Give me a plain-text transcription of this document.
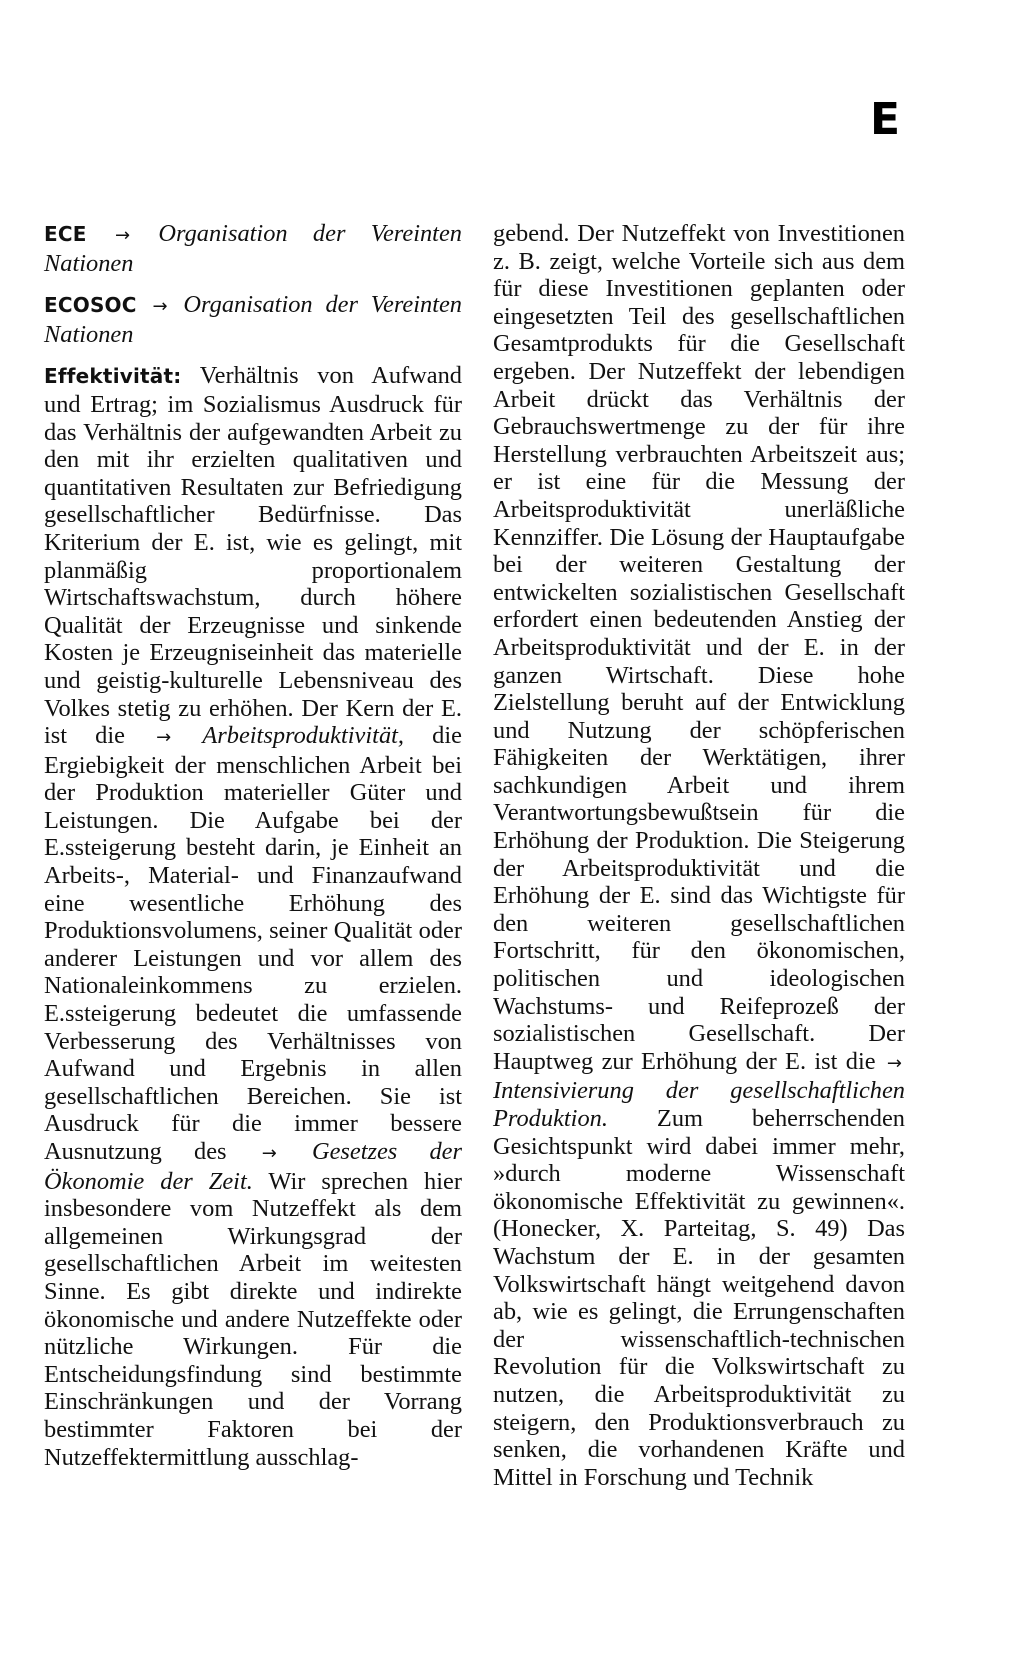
E
ECE → Organisation der Vereinten Nationen
ECOSOC → Organisation der Vereinten Nationen
Effektivität: Verhältnis von Aufwand und Ertrag; im Sozialismus Ausdruck für das Verhältnis der aufgewandten Arbeit zu den mit ihr erzielten qualitativen und quantitativen Resultaten zur Befriedigung gesellschaftlicher Bedürfnisse. Das Kriterium der E. ist, wie es gelingt, mit planmäßig proportionalem Wirtschaftswachstum, durch höhere Qualität der Erzeugnisse und sinkende Kosten je Erzeugniseinheit das materielle und geistig-kulturelle Lebensniveau des Volkes stetig zu erhöhen. Der Kern der E. ist die → Arbeitsproduktivität, die Ergiebigkeit der menschlichen Arbeit bei der Produktion materieller Güter und Leistungen. Die Aufgabe bei der E.ssteigerung besteht darin, je Einheit an Arbeits-, Material- und Finanzaufwand eine wesentliche Erhöhung des Produktionsvolumens, seiner Qualität oder anderer Leistungen und vor allem des Nationaleinkommens zu erzielen. E.ssteigerung bedeutet die umfassende Verbesserung des Verhältnisses von Aufwand und Ergebnis in allen gesellschaftlichen Bereichen. Sie ist Ausdruck für die immer bessere Ausnutzung des → Gesetzes der Ökonomie der Zeit. Wir sprechen hier insbesondere vom Nutzeffekt als dem allgemeinen Wirkungsgrad der gesellschaftlichen Arbeit im weitesten Sinne. Es gibt direkte und indirekte ökonomische und andere Nutzeffekte oder nützliche Wirkungen. Für die Entscheidungsfindung sind bestimmte Einschränkungen und der Vorrang bestimmter Faktoren bei der Nutzeffektermittlung ausschlag-
gebend. Der Nutzeffekt von Investitionen z. B. zeigt, welche Vorteile sich aus dem für diese Investitionen geplanten oder eingesetzten Teil des gesellschaftlichen Gesamtprodukts für die Gesellschaft ergeben. Der Nutzeffekt der lebendigen Arbeit drückt das Verhältnis der Gebrauchswertmenge zu der für ihre Herstellung verbrauchten Arbeitszeit aus; er ist eine für die Messung der Arbeitsproduktivität unerläßliche Kennziffer. Die Lösung der Hauptaufgabe bei der weiteren Gestaltung der entwickelten sozialistischen Gesellschaft erfordert einen bedeutenden Anstieg der Arbeitsproduktivität und der E. in der ganzen Wirtschaft. Diese hohe Zielstellung beruht auf der Entwicklung und Nutzung der schöpferischen Fähigkeiten der Werktätigen, ihrer sachkundigen Arbeit und ihrem Verantwortungsbewußtsein für die Erhöhung der Produktion. Die Steigerung der Arbeitsproduktivität und die Erhöhung der E. sind das Wichtigste für den weiteren gesellschaftlichen Fortschritt, für den ökonomischen, politischen und ideologischen Wachstums- und Reifeprozeß der sozialistischen Gesellschaft. Der Hauptweg zur Erhöhung der E. ist die → Intensivierung der gesellschaftlichen Produktion. Zum beherrschenden Gesichtspunkt wird dabei immer mehr, »durch moderne Wissenschaft ökonomische Effektivität zu gewinnen«. (Honecker, X. Parteitag, S. 49) Das Wachstum der E. in der gesamten Volkswirtschaft hängt weitgehend davon ab, wie es gelingt, die Errungenschaften der wissenschaftlich-technischen Revolution für die Volkswirtschaft zu nutzen, die Arbeitsproduktivität zu steigern, den Produktionsverbrauch zu senken, die vorhandenen Kräfte und Mittel in Forschung und Technik
